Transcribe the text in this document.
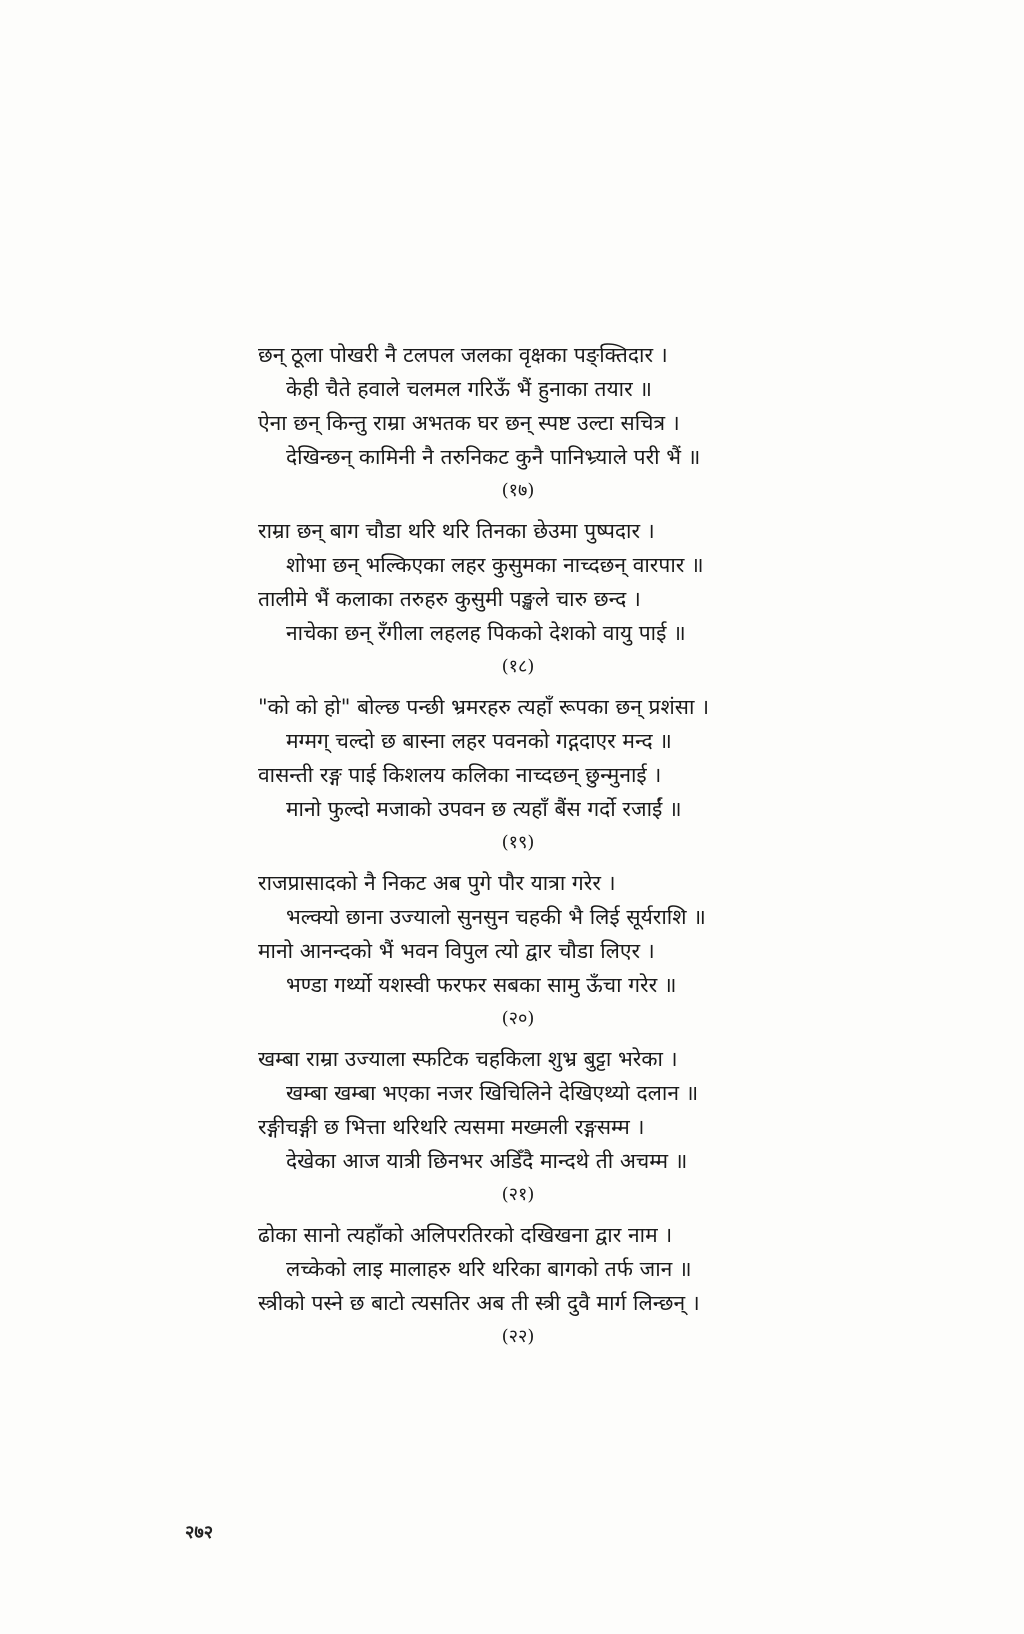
छन् ठूला पोखरी नै टलपल जलका वृक्षका पङ्क्तिदार ।
केही चैते हवाले चलमल गरिऊँ भैं हुनाका तयार ॥
ऐना छन् किन्तु राम्रा अभतक घर छन् स्पष्ट उल्टा सचित्र ।
देखिन्छन् कामिनी नै तरुनिकट कुनै पानिभ्र्याले परी भैं ॥
(१७)
राम्रा छन् बाग चौडा थरि थरि तिनका छेउमा पुष्पदार ।
शोभा छन् भल्किएका लहर कुसुमका नाच्दछन् वारपार ॥
तालीमे भैं कलाका तरुहरु कुसुमी पङ्खले चारु छन्द ।
नाचेका छन् रँगीला लहलह पिकको देशको वायु पाई ॥
(१८)
"को को हो" बोल्छ पन्छी भ्रमरहरु त्यहाँ रूपका छन् प्रशंसा ।
मग्मग् चल्दो छ बास्ना लहर पवनको गद्गदाएर मन्द ॥
वासन्ती रङ्ग पाई किशलय कलिका नाच्दछन् छुन्मुनाई ।
मानो फुल्दो मजाको उपवन छ त्यहाँ बैंस गर्दो रजाईं ॥
(१९)
राजप्रासादको नै निकट अब पुगे पौर यात्रा गरेर ।
भल्क्यो छाना उज्यालो सुनसुन चहकी भै लिई सूर्यराशि ॥
मानो आनन्दको भैं भवन विपुल त्यो द्वार चौडा लिएर ।
भण्डा गर्थ्यो यशस्वी फरफर सबका सामु ऊँचा गरेर ॥
(२०)
खम्बा राम्रा उज्याला स्फटिक चहकिला शुभ्र बुट्टा भरेका ।
खम्बा खम्बा भएका नजर खिचिलिने देखिएथ्यो दलान ॥
रङ्गीचङ्गी छ भित्ता थरिथरि त्यसमा मख्मली रङ्गसम्म ।
देखेका आज यात्री छिनभर अडिँदै मान्दथे ती अचम्म ॥
(२१)
ढोका सानो त्यहाँको अलिपरतिरको दखिखना द्वार नाम ।
लच्केको लाइ मालाहरु थरि थरिका बागको तर्फ जान ॥
स्त्रीको पस्ने छ बाटो त्यसतिर अब ती स्त्री दुवै मार्ग लिन्छन् ।
(२२)
२७२
